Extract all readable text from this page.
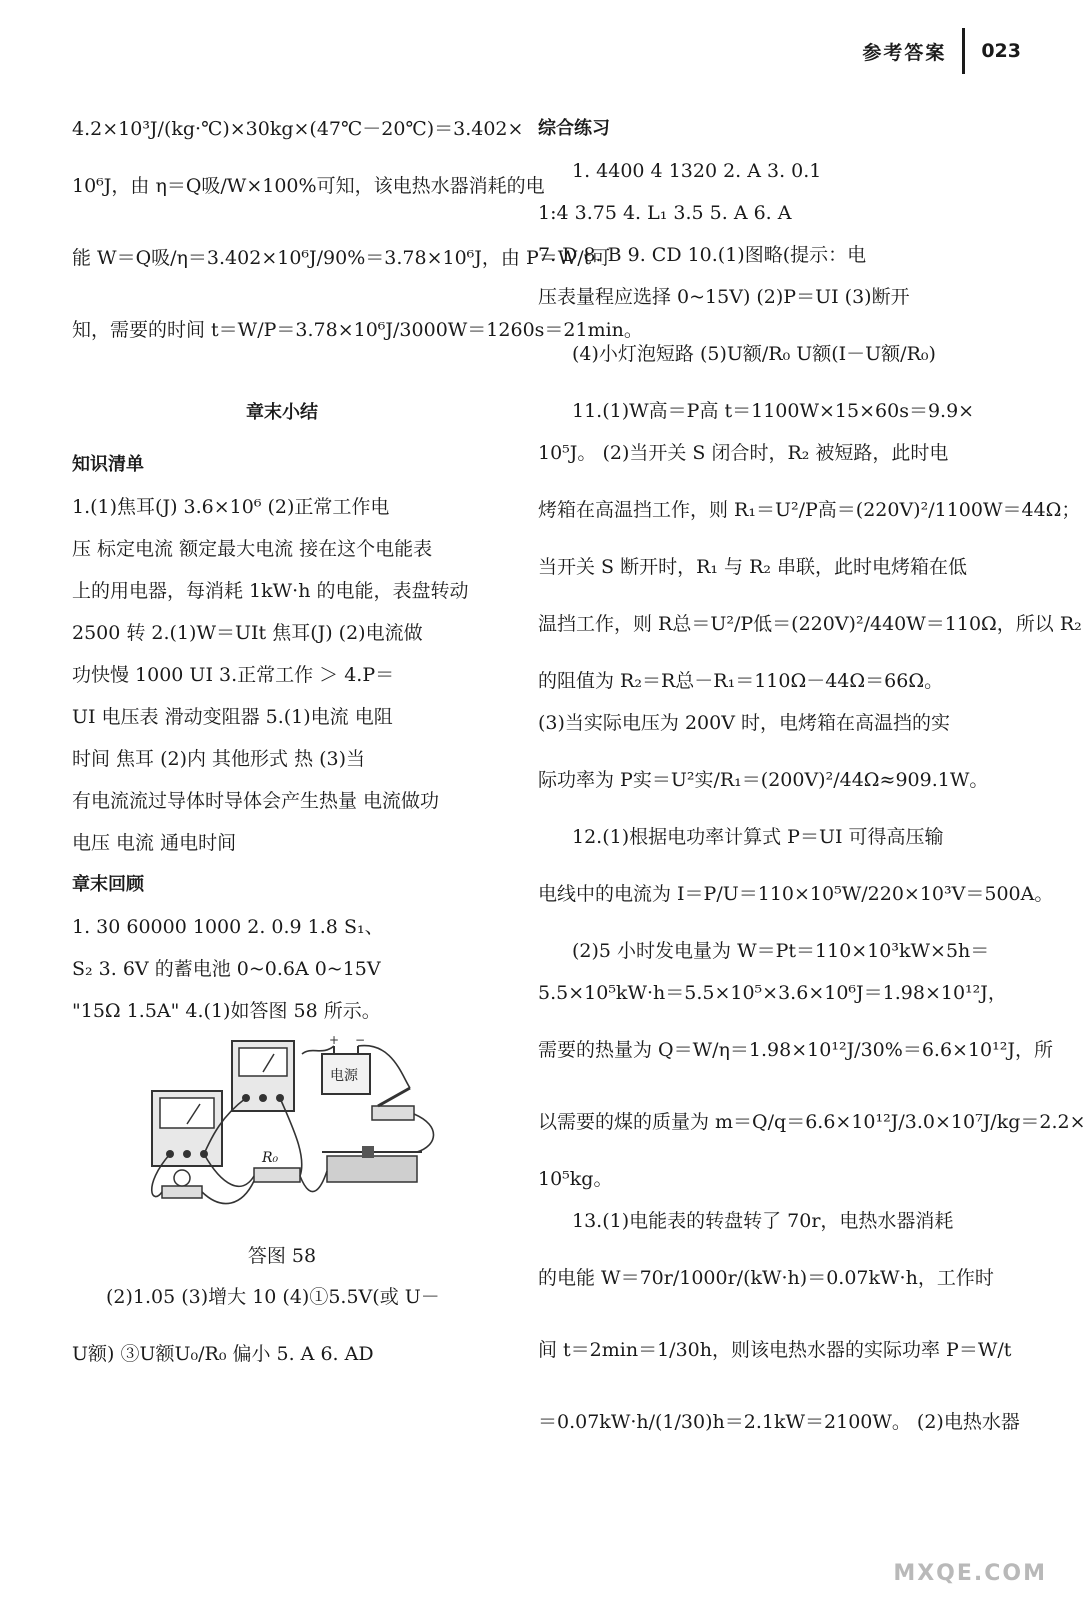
参考答案 023
4.2×10³J/(kg·℃)×30kg×(47℃－20℃)＝3.402×
10⁶J，由 η＝Q吸/W×100%可知，该电热水器消耗的电
能 W＝Q吸/η＝3.402×10⁶J/90%＝3.78×10⁶J，由 P＝W/t可
知，需要的时间 t＝W/P＝3.78×10⁶J/3000W＝1260s＝21min。
章末小结
知识清单
1.(1)焦耳(J) 3.6×10⁶ (2)正常工作电
压 标定电流 额定最大电流 接在这个电能表
上的用电器，每消耗 1kW·h 的电能，表盘转动
2500 转 2.(1)W＝UIt 焦耳(J) (2)电流做
功快慢 1000 UI 3.正常工作 ＞ 4.P＝
UI 电压表 滑动变阻器 5.(1)电流 电阻
时间 焦耳 (2)内 其他形式 热 (3)当
有电流流过导体时导体会产生热量 电流做功
电压 电流 通电时间
章末回顾
1. 30 60000 1000 2. 0.9 1.8 S₁、
S₂ 3. 6V 的蓄电池 0~0.6A 0~15V
"15Ω 1.5A" 4.(1)如答图 58 所示。
+ −
电源
R₀
答图 58
(2)1.05 (3)增大 10 (4)①5.5V(或 U－
U额) ③U额U₀/R₀ 偏小 5. A 6. AD
综合练习
1. 4400 4 1320 2. A 3. 0.1
1:4 3.75 4. L₁ 3.5 5. A 6. A
7. D 8. B 9. CD 10.(1)图略(提示：电
压表量程应选择 0~15V) (2)P＝UI (3)断开
(4)小灯泡短路 (5)U额/R₀ U额(I－U额/R₀)
11.(1)W高＝P高 t＝1100W×15×60s＝9.9×
10⁵J。 (2)当开关 S 闭合时，R₂ 被短路，此时电
烤箱在高温挡工作，则 R₁＝U²/P高＝(220V)²/1100W＝44Ω；
当开关 S 断开时，R₁ 与 R₂ 串联，此时电烤箱在低
温挡工作，则 R总＝U²/P低＝(220V)²/440W＝110Ω，所以 R₂
的阻值为 R₂＝R总－R₁＝110Ω－44Ω＝66Ω。
(3)当实际电压为 200V 时，电烤箱在高温挡的实
际功率为 P实＝U²实/R₁＝(200V)²/44Ω≈909.1W。
12.(1)根据电功率计算式 P＝UI 可得高压输
电线中的电流为 I＝P/U＝110×10⁵W/220×10³V＝500A。
(2)5 小时发电量为 W＝Pt＝110×10³kW×5h＝
5.5×10⁵kW·h＝5.5×10⁵×3.6×10⁶J＝1.98×10¹²J，
需要的热量为 Q＝W/η＝1.98×10¹²J/30%＝6.6×10¹²J，所
以需要的煤的质量为 m＝Q/q＝6.6×10¹²J/3.0×10⁷J/kg＝2.2×
10⁵kg。
13.(1)电能表的转盘转了 70r，电热水器消耗
的电能 W＝70r/1000r/(kW·h)＝0.07kW·h，工作时
间 t＝2min＝1/30h，则该电热水器的实际功率 P＝W/t
＝0.07kW·h/(1/30)h＝2.1kW＝2100W。 (2)电热水器
MXQE.COM
